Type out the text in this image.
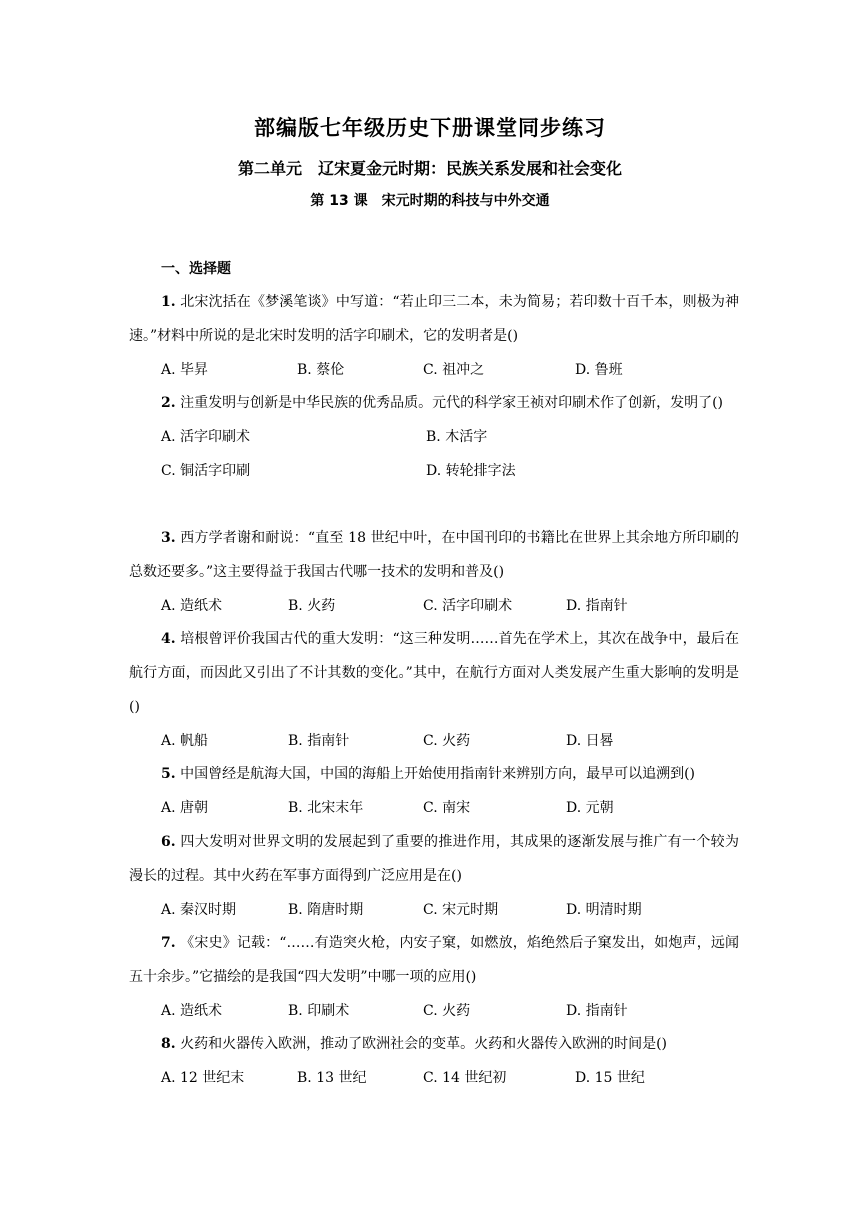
部编版七年级历史下册课堂同步练习
第二单元　辽宋夏金元时期：民族关系发展和社会变化
第 13 课　宋元时期的科技与中外交通
一、选择题
1. 北宋沈括在《梦溪笔谈》中写道：“若止印三二本，未为简易；若印数十百千本，则极为神速。”材料中所说的是北宋时发明的活字印刷术，它的发明者是()
A. 毕昇	B. 蔡伦	C. 祖冲之	D. 鲁班
2. 注重发明与创新是中华民族的优秀品质。元代的科学家王祯对印刷术作了创新，发明了()
A. 活字印刷术	B. 木活字
C. 铜活字印刷	D. 转轮排字法
3. 西方学者谢和耐说：“直至 18 世纪中叶，在中国刊印的书籍比在世界上其余地方所印刷的总数还要多。”这主要得益于我国古代哪一技术的发明和普及()
A. 造纸术	B. 火药	C. 活字印刷术	D. 指南针
4. 培根曾评价我国古代的重大发明：“这三种发明……首先在学术上，其次在战争中，最后在航行方面，而因此又引出了不计其数的变化。”其中，在航行方面对人类发展产生重大影响的发明是()
A. 帆船	B. 指南针	C. 火药	D. 日晷
5. 中国曾经是航海大国，中国的海船上开始使用指南针来辨别方向，最早可以追溯到()
A. 唐朝	B. 北宋末年	C. 南宋	D. 元朝
6. 四大发明对世界文明的发展起到了重要的推进作用，其成果的逐渐发展与推广有一个较为漫长的过程。其中火药在军事方面得到广泛应用是在()
A. 秦汉时期	B. 隋唐时期	C. 宋元时期	D. 明清时期
7. 《宋史》记载：“……有造突火枪，内安子窠，如燃放，焰绝然后子窠发出，如炮声，远闻五十余步。”它描绘的是我国“四大发明”中哪一项的应用()
A. 造纸术	B. 印刷术	C. 火药	D. 指南针
8. 火药和火器传入欧洲，推动了欧洲社会的变革。火药和火器传入欧洲的时间是()
A. 12 世纪末	B. 13 世纪	C. 14 世纪初	D. 15 世纪
